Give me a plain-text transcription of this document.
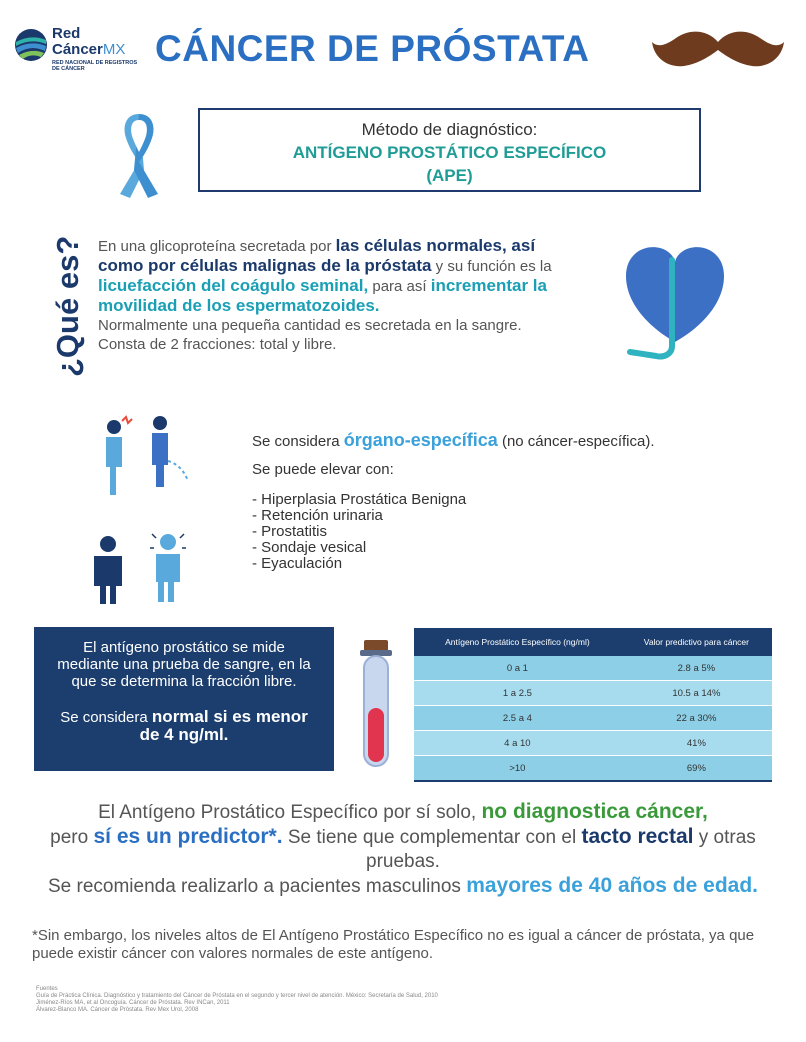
Red
CáncerMX
RED NACIONAL DE REGISTROS DE CÁNCER	CÁNCER DE PRÓSTATA
Método de diagnóstico:
ANTÍGENO PROSTÁTICO ESPECÍFICO
(APE)
¿Qué es? En una glicoproteína secretada por las células normales, así como por células malignas de la próstata y su función es la licuefacción del coágulo seminal, para así incrementar la movilidad de los espermatozoides.
Normalmente una pequeña cantidad es secretada en la sangre.
Consta de 2 fracciones: total y libre.
Se considera órgano-específica (no cáncer-específica).
Se puede elevar con:
- Hiperplasia Prostática Benigna
- Retención urinaria
- Prostatitis
- Sondaje vesical
- Eyaculación
El antígeno prostático se mide mediante una prueba de sangre, en la que se determina la fracción libre.
Se considera normal si es menor de 4 ng/ml.
Antígeno Prostático Específico (ng/ml)	Valor predictivo para cáncer
0 a 1	2.8 a 5%
1 a 2.5	10.5 a 14%
2.5 a 4	22 a 30%
4 a 10	41%
>10	69%
El Antígeno Prostático Específico por sí solo, no diagnostica cáncer,
pero sí es un predictor*. Se tiene que complementar con el tacto rectal y otras pruebas.
Se recomienda realizarlo a pacientes masculinos mayores de 40 años de edad.
*Sin embargo, los niveles altos de El Antígeno Prostático Específico no es igual a cáncer de próstata, ya que puede existir cáncer con valores normales de este antígeno.
Fuentes
Guía de Práctica Clínica. Diagnóstico y tratamiento del Cáncer de Próstata en el segundo y tercer nivel de atención. México: Secretaría de Salud, 2010
Jiménez-Ríos MA, et al Oncoguía. Cáncer de Próstata. Rev INCan, 2011
Álvarez-Blanco MA. Cáncer de Próstata. Rev Mex Urol, 2008
